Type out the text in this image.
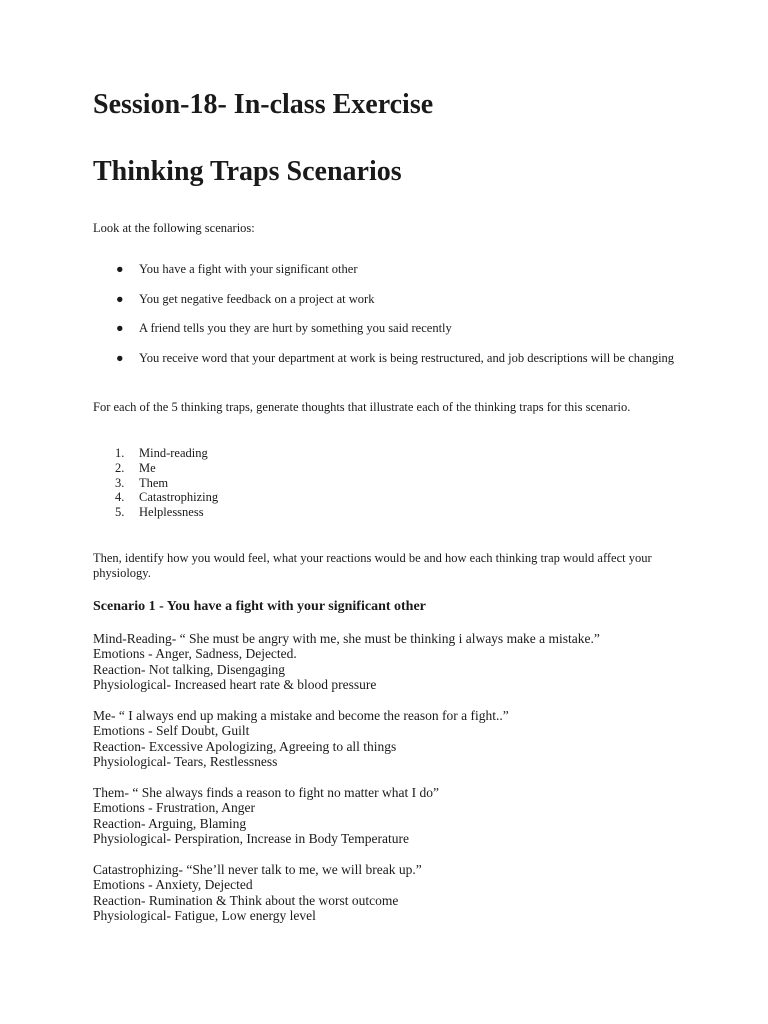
Session-18- In-class Exercise
Thinking Traps Scenarios
Look at the following scenarios:
● You have a fight with your significant other
● You get negative feedback on a project at work
● A friend tells you they are hurt by something you said recently
● You receive word that your department at work is being restructured, and job descriptions will be changing
For each of the 5 thinking traps, generate thoughts that illustrate each of the thinking traps for this scenario.
1. Mind-reading
2. Me
3. Them
4. Catastrophizing
5. Helplessness
Then, identify how you would feel, what your reactions would be and how each thinking trap would affect your physiology.
Scenario 1 - You have a fight with your significant other
Mind-Reading- “ She must be angry with me, she must be thinking i always make a mistake.”
Emotions - Anger, Sadness, Dejected.
Reaction- Not talking, Disengaging
Physiological- Increased heart rate & blood pressure
Me- “ I always end up making a mistake and become the reason for a fight..”
Emotions - Self Doubt, Guilt
Reaction- Excessive Apologizing, Agreeing to all things
Physiological- Tears, Restlessness
Them- “ She always finds a reason to fight no matter what I do”
Emotions - Frustration, Anger
Reaction- Arguing, Blaming
Physiological- Perspiration, Increase in Body Temperature
Catastrophizing- “She’ll never talk to me, we will break up.”
Emotions - Anxiety, Dejected
Reaction- Rumination & Think about the worst outcome
Physiological- Fatigue, Low energy level
